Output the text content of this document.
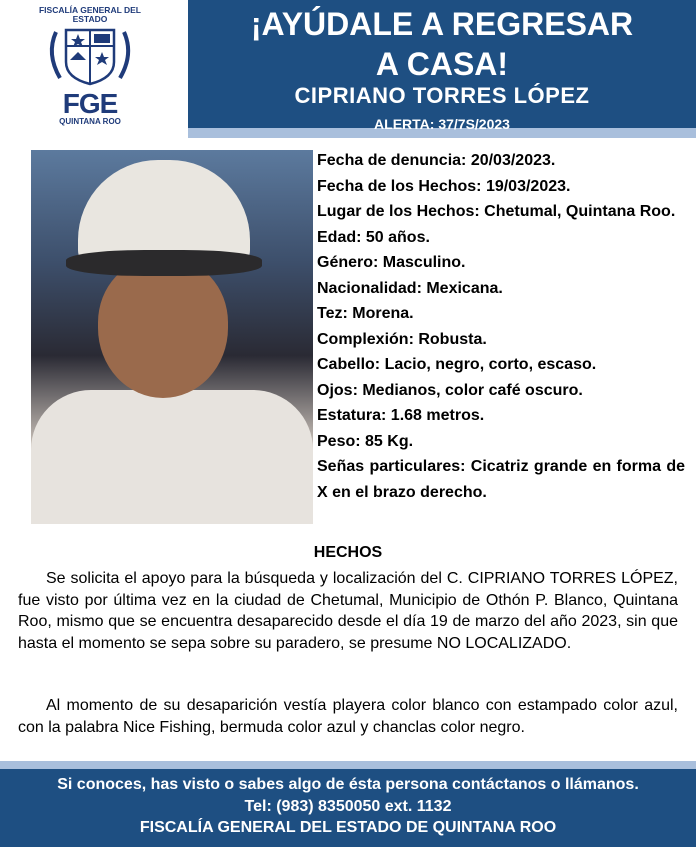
FISCALÍA GENERAL DEL ESTADO
FGE
QUINTANA ROO
¡AYÚDALE A REGRESAR
A CASA!
CIPRIANO TORRES LÓPEZ
ALERTA: 37/7S/2023
Fecha de denuncia: 20/03/2023.
Fecha de los Hechos: 19/03/2023.
Lugar de los Hechos: Chetumal, Quintana Roo.
Edad: 50 años.
Género: Masculino.
Nacionalidad: Mexicana.
Tez: Morena.
Complexión: Robusta.
Cabello: Lacio, negro, corto, escaso.
Ojos: Medianos, color café oscuro.
Estatura: 1.68 metros.
Peso: 85 Kg.
Señas particulares: Cicatriz grande en forma de X en el brazo derecho.
HECHOS
Se solicita el apoyo para la búsqueda y localización del C. CIPRIANO TORRES LÓPEZ, fue visto por última vez en la ciudad de Chetumal, Municipio de Othón P. Blanco, Quintana Roo, mismo que se encuentra desaparecido desde el día 19 de marzo del año 2023, sin que hasta el momento se sepa sobre su paradero, se presume NO LOCALIZADO.
Al momento de su desaparición vestía playera color blanco con estampado color azul, con la palabra Nice Fishing, bermuda color azul y chanclas color negro.
Si conoces, has visto o sabes algo de ésta persona contáctanos o llámanos.
Tel: (983) 8350050 ext. 1132
FISCALÍA GENERAL DEL ESTADO DE QUINTANA ROO
